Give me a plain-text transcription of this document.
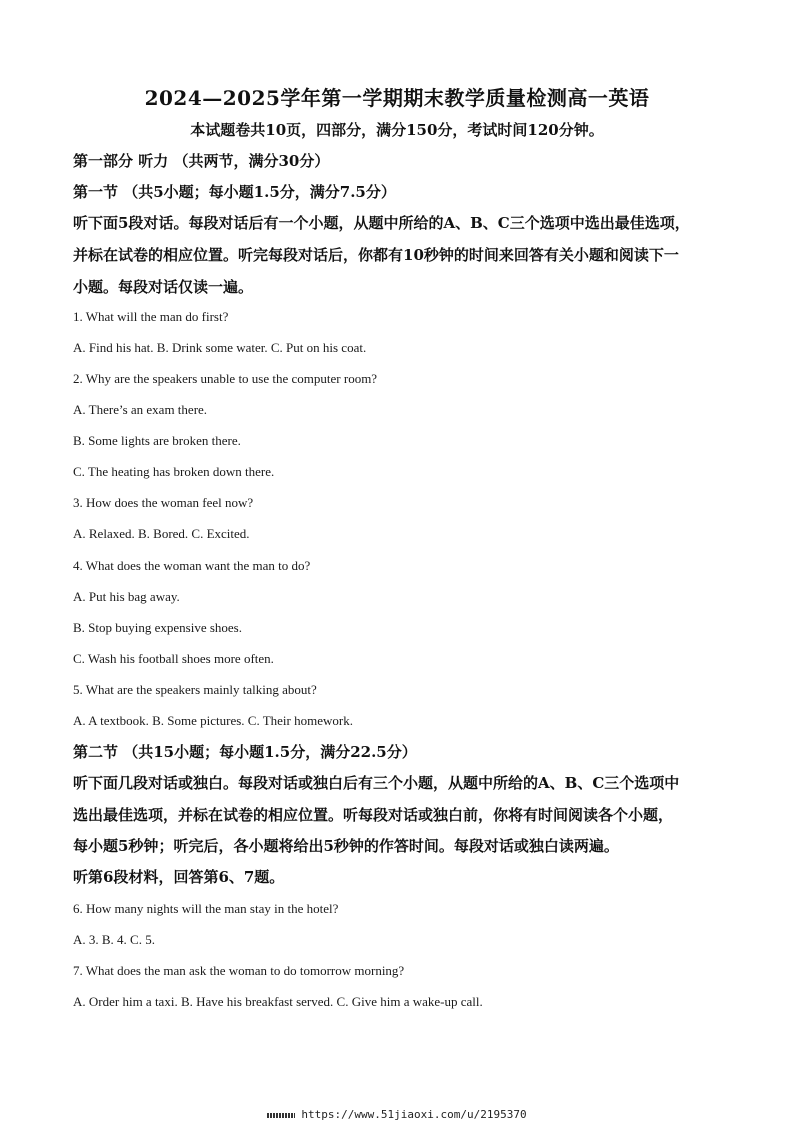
2024—2025学年第一学期期末教学质量检测高一英语
本试题卷共10页，四部分，满分150分，考试时间120分钟。
第一部分 听力 （共两节，满分30分）
第一节 （共5小题；每小题1.5分，满分7.5分）
听下面5段对话。每段对话后有一个小题，从题中所给的A、B、C三个选项中选出最佳选项，
并标在试卷的相应位置。听完每段对话后，你都有10秒钟的时间来回答有关小题和阅读下一
小题。每段对话仅读一遍。
1. What will the man do first?
A. Find his hat. B. Drink some water. C. Put on his coat.
2. Why are the speakers unable to use the computer room?
A. There’s an exam there.
B. Some lights are broken there.
C. The heating has broken down there.
3. How does the woman feel now?
A. Relaxed. B. Bored. C. Excited.
4. What does the woman want the man to do?
A. Put his bag away.
B. Stop buying expensive shoes.
C. Wash his football shoes more often.
5. What are the speakers mainly talking about?
A. A textbook. B. Some pictures. C. Their homework.
第二节 （共15小题；每小题1.5分，满分22.5分）
听下面几段对话或独白。每段对话或独白后有三个小题，从题中所给的A、B、C三个选项中
选出最佳选项，并标在试卷的相应位置。听每段对话或独白前，你将有时间阅读各个小题，
每小题5秒钟；听完后，各小题将给出5秒钟的作答时间。每段对话或独白读两遍。
听第6段材料，回答第6、7题。
6. How many nights will the man stay in the hotel?
A. 3. B. 4. C. 5.
7. What does the man ask the woman to do tomorrow morning?
A. Order him a taxi. B. Have his breakfast served. C. Give him a wake-up call.
https://www.51jiaoxi.com/u/2195370
